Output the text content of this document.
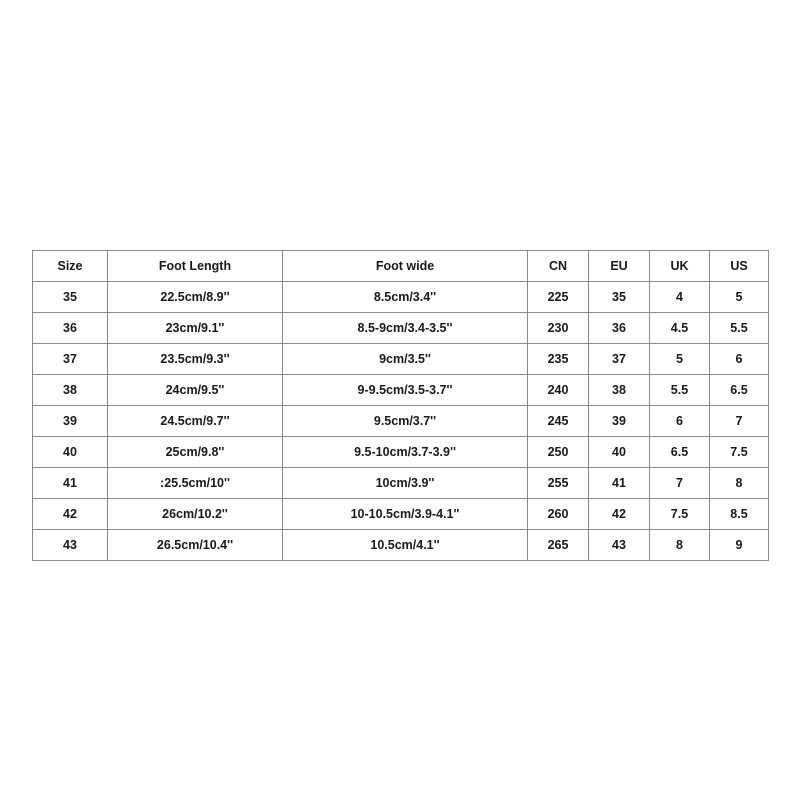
Size	Foot Length	Foot wide	CN	EU	UK	US
35	22.5cm/8.9''	8.5cm/3.4''	225	35	4	5
36	23cm/9.1''	8.5-9cm/3.4-3.5''	230	36	4.5	5.5
37	23.5cm/9.3''	9cm/3.5''	235	37	5	6
38	24cm/9.5''	9-9.5cm/3.5-3.7''	240	38	5.5	6.5
39	24.5cm/9.7''	9.5cm/3.7''	245	39	6	7
40	25cm/9.8''	9.5-10cm/3.7-3.9''	250	40	6.5	7.5
41	:25.5cm/10''	10cm/3.9''	255	41	7	8
42	26cm/10.2''	10-10.5cm/3.9-4.1''	260	42	7.5	8.5
43	26.5cm/10.4''	10.5cm/4.1''	265	43	8	9
